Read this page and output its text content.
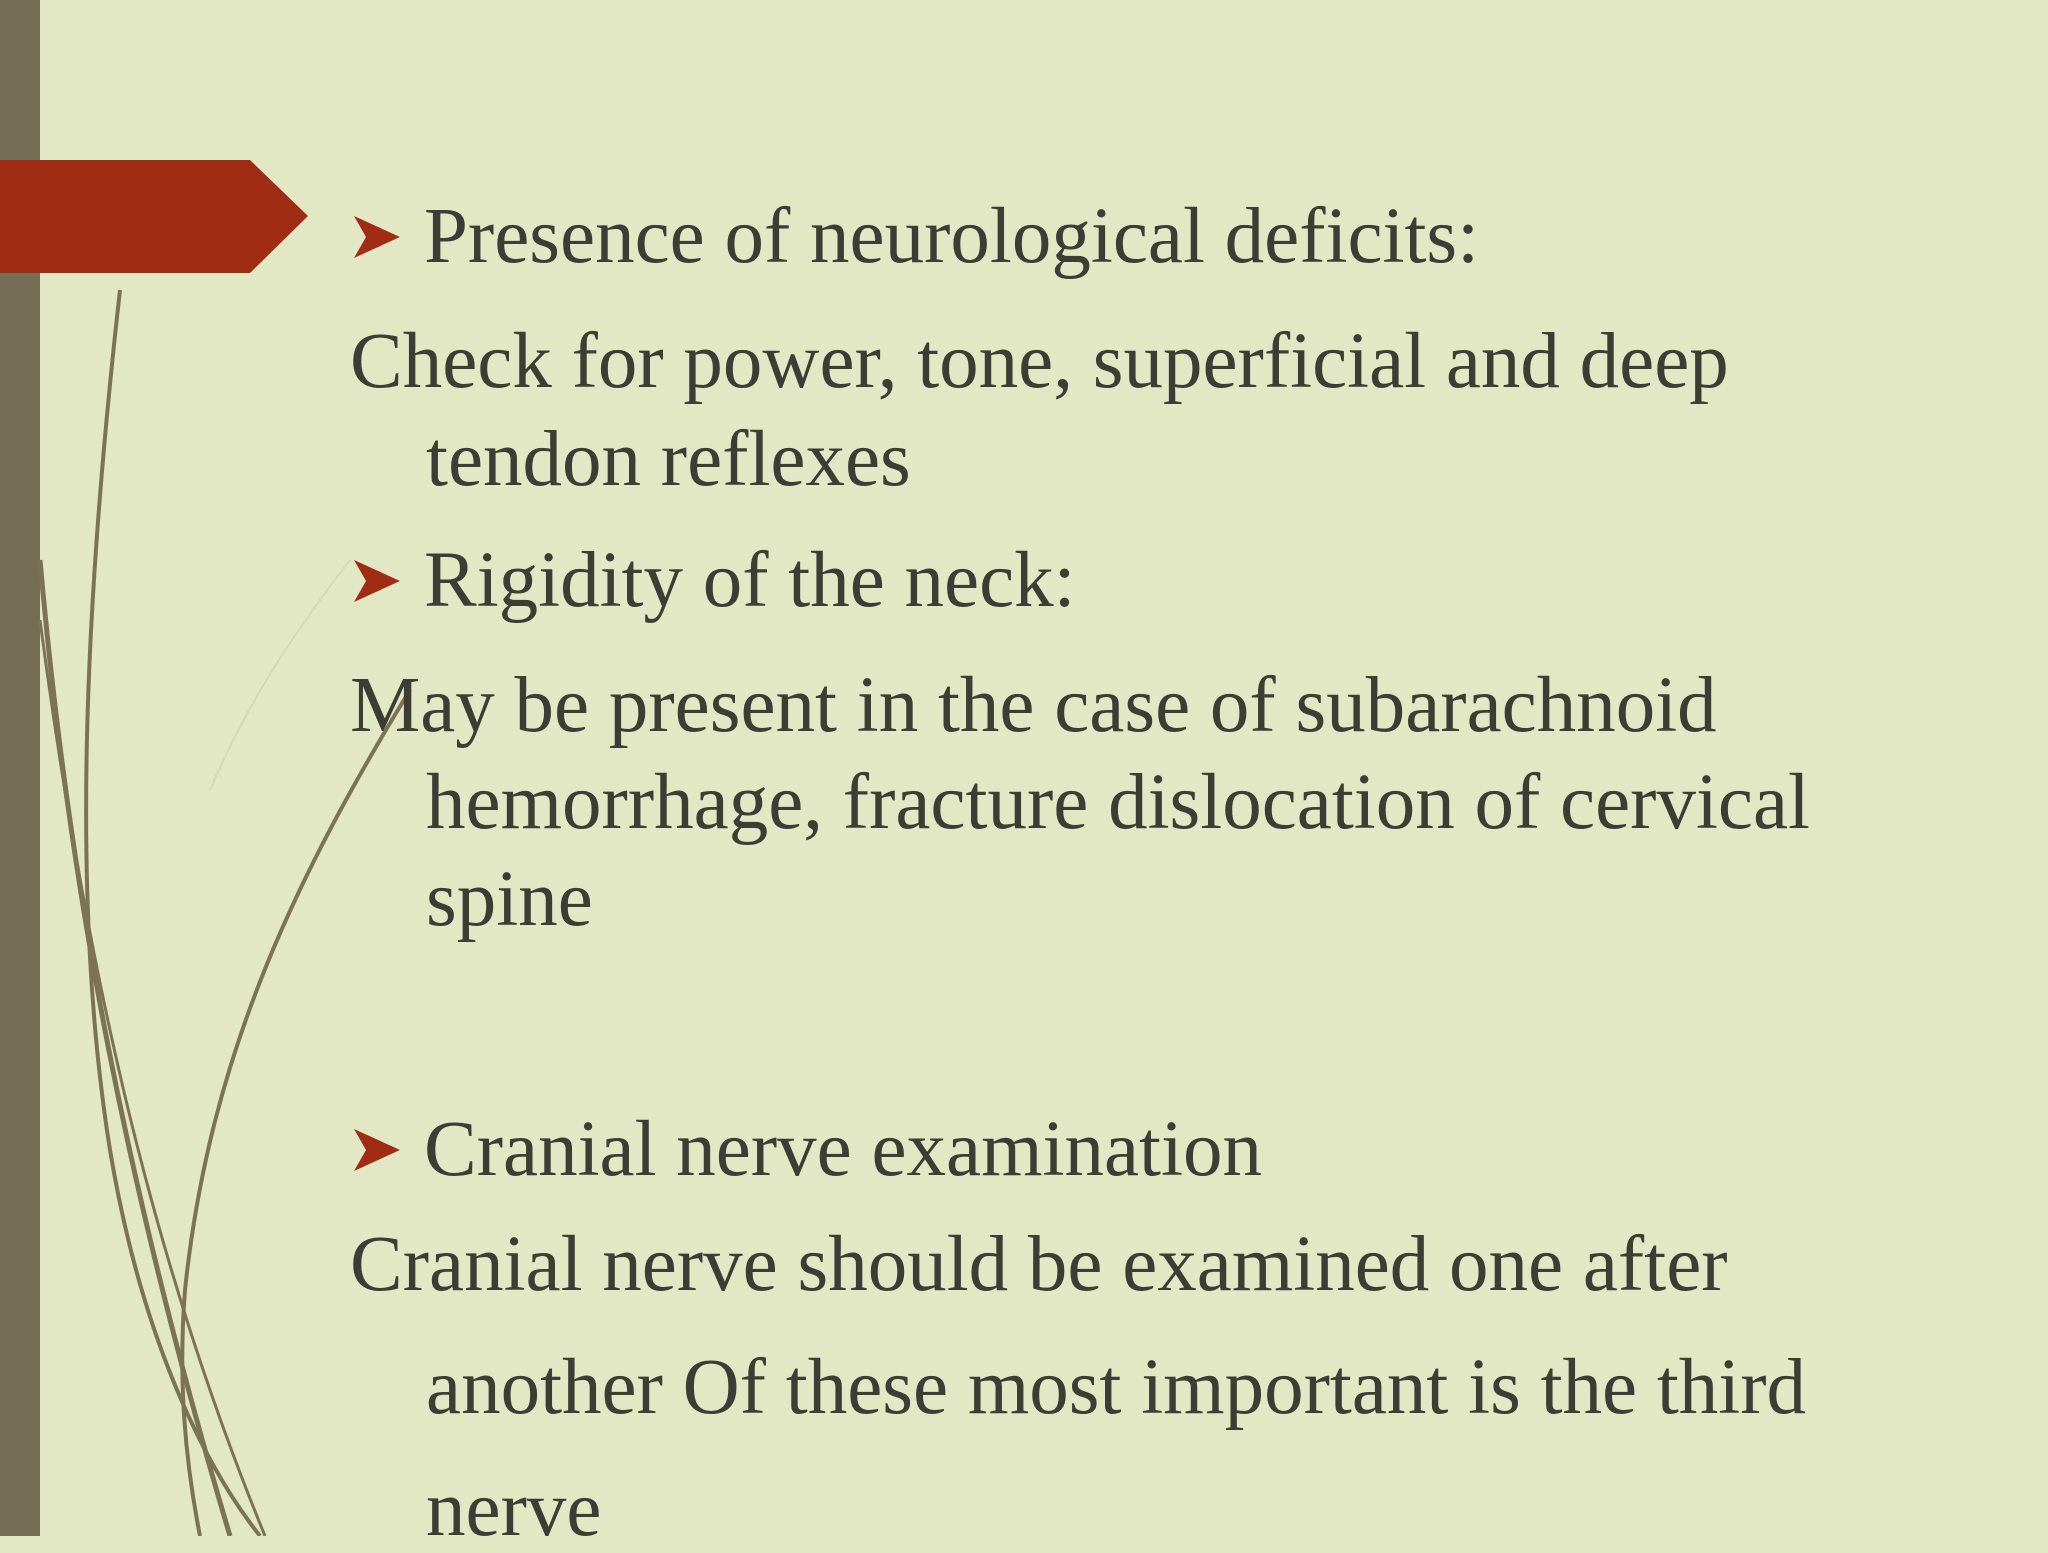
Presence of neurological deficits:
Check for power, tone, superficial and deep
tendon reflexes
Rigidity of the neck:
May be present in the case of subarachnoid
hemorrhage, fracture dislocation of cervical
spine
Cranial nerve examination
Cranial nerve should be examined one after
another Of these most important is the third
nerve
